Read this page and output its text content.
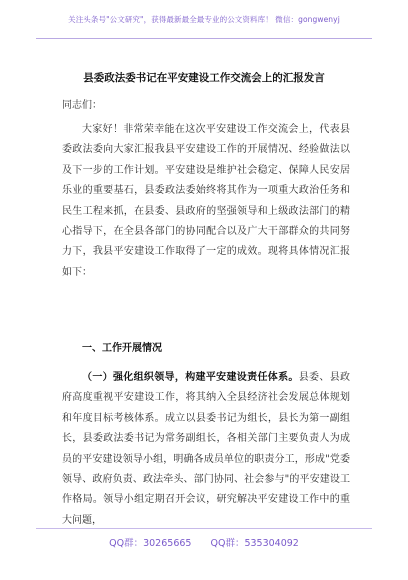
关注头条号"公文研究"，获得最新最全最专业的公文资料库！ 微信：gongwenyj
县委政法委书记在平安建设工作交流会上的汇报发言
同志们：

大家好！非常荣幸能在这次平安建设工作交流会上，代表县委政法委向大家汇报我县平安建设工作的开展情况、经验做法以及下一步的工作计划。平安建设是维护社会稳定、保障人民安居乐业的重要基石，县委政法委始终将其作为一项重大政治任务和民生工程来抓，在县委、县政府的坚强领导和上级政法部门的精心指导下，在全县各部门的协同配合以及广大干部群众的共同努力下，我县平安建设工作取得了一定的成效。现将具体情况汇报如下：

一、工作开展情况

（一）强化组织领导，构建平安建设责任体系。县委、县政府高度重视平安建设工作，将其纳入全县经济社会发展总体规划和年度目标考核体系。成立以县委书记为组长，县长为第一副组长，县委政法委书记为常务副组长，各相关部门主要负责人为成员的平安建设领导小组，明确各成员单位的职责分工，形成"党委领导、政府负责、政法牵头、部门协同、社会参与"的平安建设工作格局。领导小组定期召开会议，研究解决平安建设工作中的重大问题，

QQ群：30265665 QQ群：535304092
